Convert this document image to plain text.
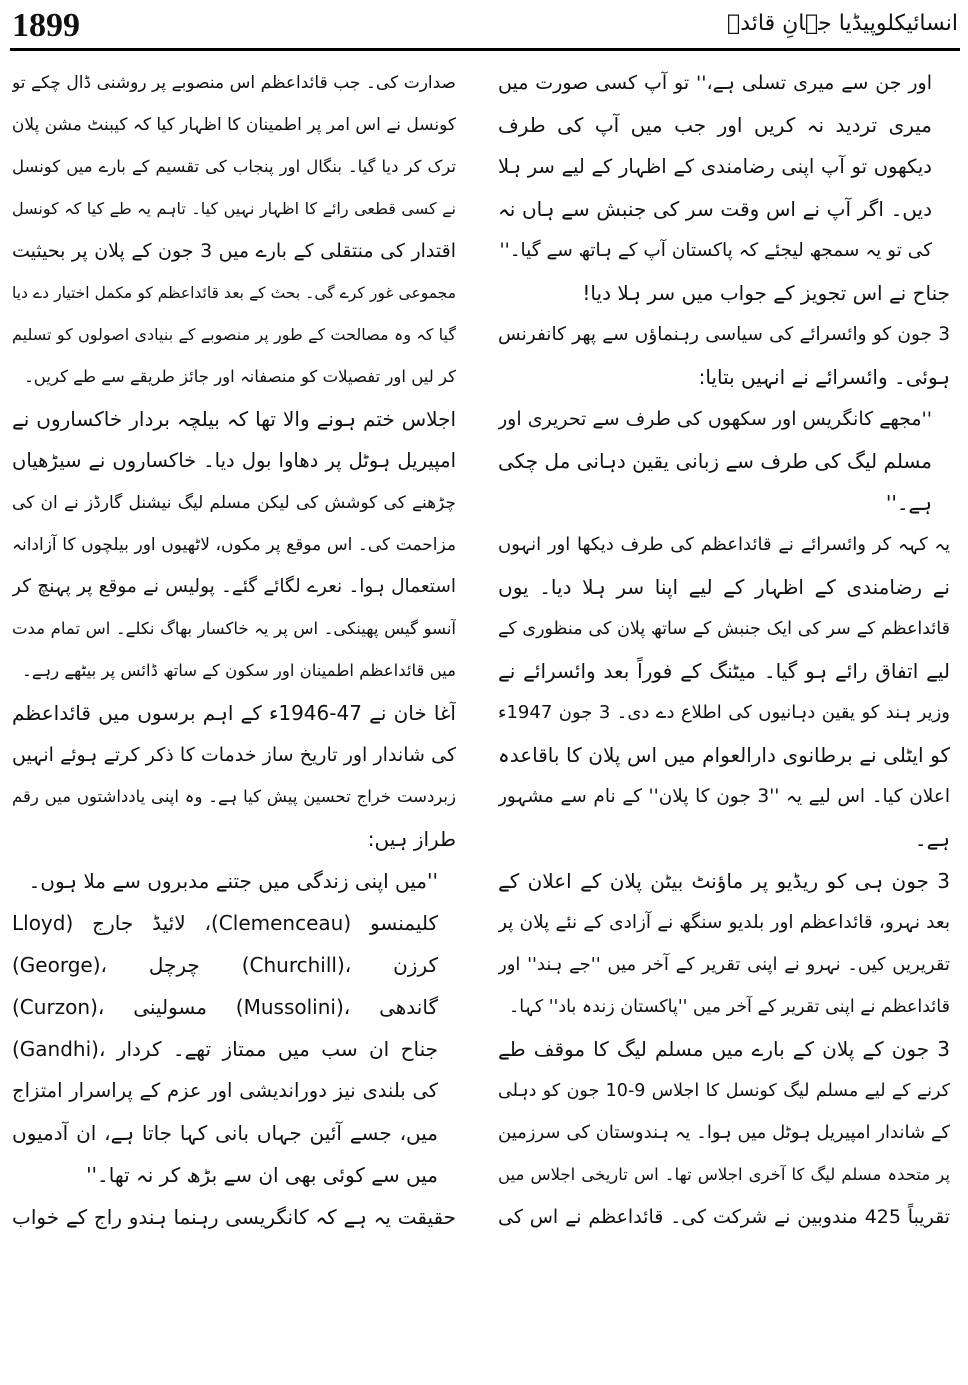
1899	انسائیکلوپیڈیا جہانِ قائدؒ
اور جن سے میری تسلی ہے،'' تو آپ کسی صورت میں
میری تردید نہ کریں اور جب میں آپ کی طرف
دیکھوں تو آپ اپنی رضامندی کے اظہار کے لیے سر ہلا
دیں۔ اگر آپ نے اس وقت سر کی جنبش سے ہاں نہ
کی تو یہ سمجھ لیجئے کہ پاکستان آپ کے ہاتھ سے گیا۔''
جناح نے اس تجویز کے جواب میں سر ہلا دیا!
3 جون کو وائسرائے کی سیاسی رہنماؤں سے پھر کانفرنس
ہوئی۔ وائسرائے نے انہیں بتایا:
''مجھے کانگریس اور سکھوں کی طرف سے تحریری اور
مسلم لیگ کی طرف سے زبانی یقین دہانی مل چکی
ہے۔''
یہ کہہ کر وائسرائے نے قائداعظم کی طرف دیکھا اور انہوں
نے رضامندی کے اظہار کے لیے اپنا سر ہلا دیا۔ یوں
قائداعظم کے سر کی ایک جنبش کے ساتھ پلان کی منظوری کے
لیے اتفاق رائے ہو گیا۔ میٹنگ کے فوراً بعد وائسرائے نے
وزیر ہند کو یقین دہانیوں کی اطلاع دے دی۔ 3 جون 1947ء
کو ایٹلی نے برطانوی دارالعوام میں اس پلان کا باقاعدہ
اعلان کیا۔ اس لیے یہ ''3 جون کا پلان'' کے نام سے مشہور
ہے۔
3 جون ہی کو ریڈیو پر ماؤنٹ بیٹن پلان کے اعلان کے
بعد نہرو، قائداعظم اور بلدیو سنگھ نے آزادی کے نئے پلان پر
تقریریں کیں۔ نہرو نے اپنی تقریر کے آخر میں ''جے ہند'' اور
قائداعظم نے اپنی تقریر کے آخر میں ''پاکستان زندہ باد'' کہا۔
3 جون کے پلان کے بارے میں مسلم لیگ کا موقف طے
کرنے کے لیے مسلم لیگ کونسل کا اجلاس 9-10 جون کو دہلی
کے شاندار امپیریل ہوٹل میں ہوا۔ یہ ہندوستان کی سرزمین
پر متحدہ مسلم لیگ کا آخری اجلاس تھا۔ اس تاریخی اجلاس میں
تقریباً 425 مندوبین نے شرکت کی۔ قائداعظم نے اس کی
صدارت کی۔ جب قائداعظم اس منصوبے پر روشنی ڈال چکے تو
کونسل نے اس امر پر اطمینان کا اظہار کیا کہ کیبنٹ مشن پلان
ترک کر دیا گیا۔ بنگال اور پنجاب کی تقسیم کے بارے میں کونسل
نے کسی قطعی رائے کا اظہار نہیں کیا۔ تاہم یہ طے کیا کہ کونسل
اقتدار کی منتقلی کے بارے میں 3 جون کے پلان پر بحیثیت
مجموعی غور کرے گی۔ بحث کے بعد قائداعظم کو مکمل اختیار دے دیا
گیا کہ وہ مصالحت کے طور پر منصوبے کے بنیادی اصولوں کو تسلیم
کر لیں اور تفصیلات کو منصفانہ اور جائز طریقے سے طے کریں۔
اجلاس ختم ہونے والا تھا کہ بیلچہ بردار خاکساروں نے
امپیریل ہوٹل پر دھاوا بول دیا۔ خاکساروں نے سیڑھیاں
چڑھنے کی کوشش کی لیکن مسلم لیگ نیشنل گارڈز نے ان کی
مزاحمت کی۔ اس موقع پر مکوں، لاٹھیوں اور بیلچوں کا آزادانہ
استعمال ہوا۔ نعرے لگائے گئے۔ پولیس نے موقع پر پہنچ کر
آنسو گیس پھینکی۔ اس پر یہ خاکسار بھاگ نکلے۔ اس تمام مدت
میں قائداعظم اطمینان اور سکون کے ساتھ ڈائس پر بیٹھے رہے۔
آغا خان نے 47-1946ء کے اہم برسوں میں قائداعظم
کی شاندار اور تاریخ ساز خدمات کا ذکر کرتے ہوئے انہیں
زبردست خراج تحسین پیش کیا ہے۔ وہ اپنی یادداشتوں میں رقم
طراز ہیں:
''میں اپنی زندگی میں جتنے مدبروں سے ملا ہوں۔
کلیمنسو (Clemenceau)، لائیڈ جارج (Lloyd
(George)، چرچل (Churchill)، کرزن
(Curzon)، مسولینی (Mussolini)، گاندھی
(Gandhi)، جناح ان سب میں ممتاز تھے۔ کردار
کی بلندی نیز دوراندیشی اور عزم کے پراسرار امتزاج
میں، جسے آئین جہاں بانی کہا جاتا ہے، ان آدمیوں
میں سے کوئی بھی ان سے بڑھ کر نہ تھا۔''
حقیقت یہ ہے کہ کانگریسی رہنما ہندو راج کے خواب
